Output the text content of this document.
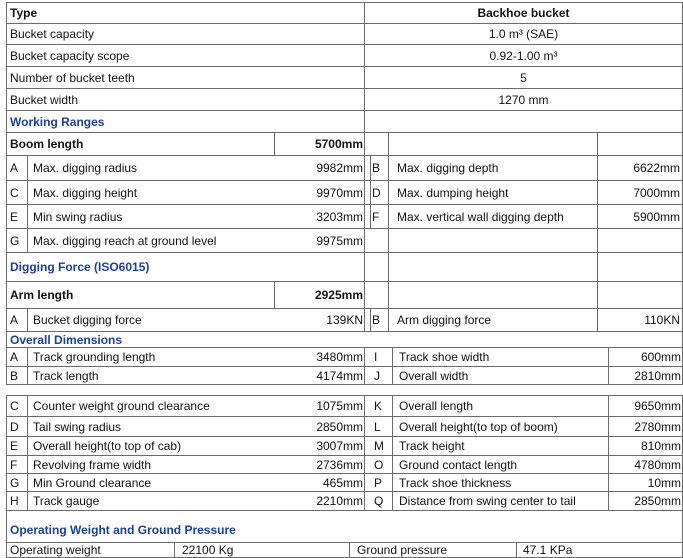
Type	Backhoe bucket
Bucket capacity	1.0 m³ (SAE)
Bucket capacity scope	0.92-1.00 m³
Number of bucket teeth	5
Bucket width	1270 mm
Working Ranges
Boom length	5700mm
A	Max. digging radius	9982mm B	Max. digging depth	6622mm
C	Max. digging height	9970mm D	Max. dumping height	7000mm
E	Min swing radius	3203mm F	Max. vertical wall digging depth	5900mm
G	Max. digging reach at ground level	9975mm
Digging Force (ISO6015)
Arm length	2925mm
A	Bucket digging force	139KN B	Arm digging force	110KN
Overall Dimensions
A	Track grounding length	3480mm I	Track shoe width	600mm
B	Track length	4174mm J	Overall width	2810mm
C	Counter weight ground clearance	1075mm K	Overall length	9650mm
D	Tail swing radius	2850mm L	Overall height(to top of boom)	2780mm
E	Overall height(to top of cab)	3007mm M	Track height	810mm
F	Revolving frame width	2736mm O	Ground contact length	4780mm
G	Min Ground clearance	465mm P	Track shoe thickness	10mm
H	Track gauge	2210mm Q	Distance from swing center to tail	2850mm
Operating Weight and Ground Pressure
Operating weight	22100 Kg	Ground pressure	47.1 KPa
